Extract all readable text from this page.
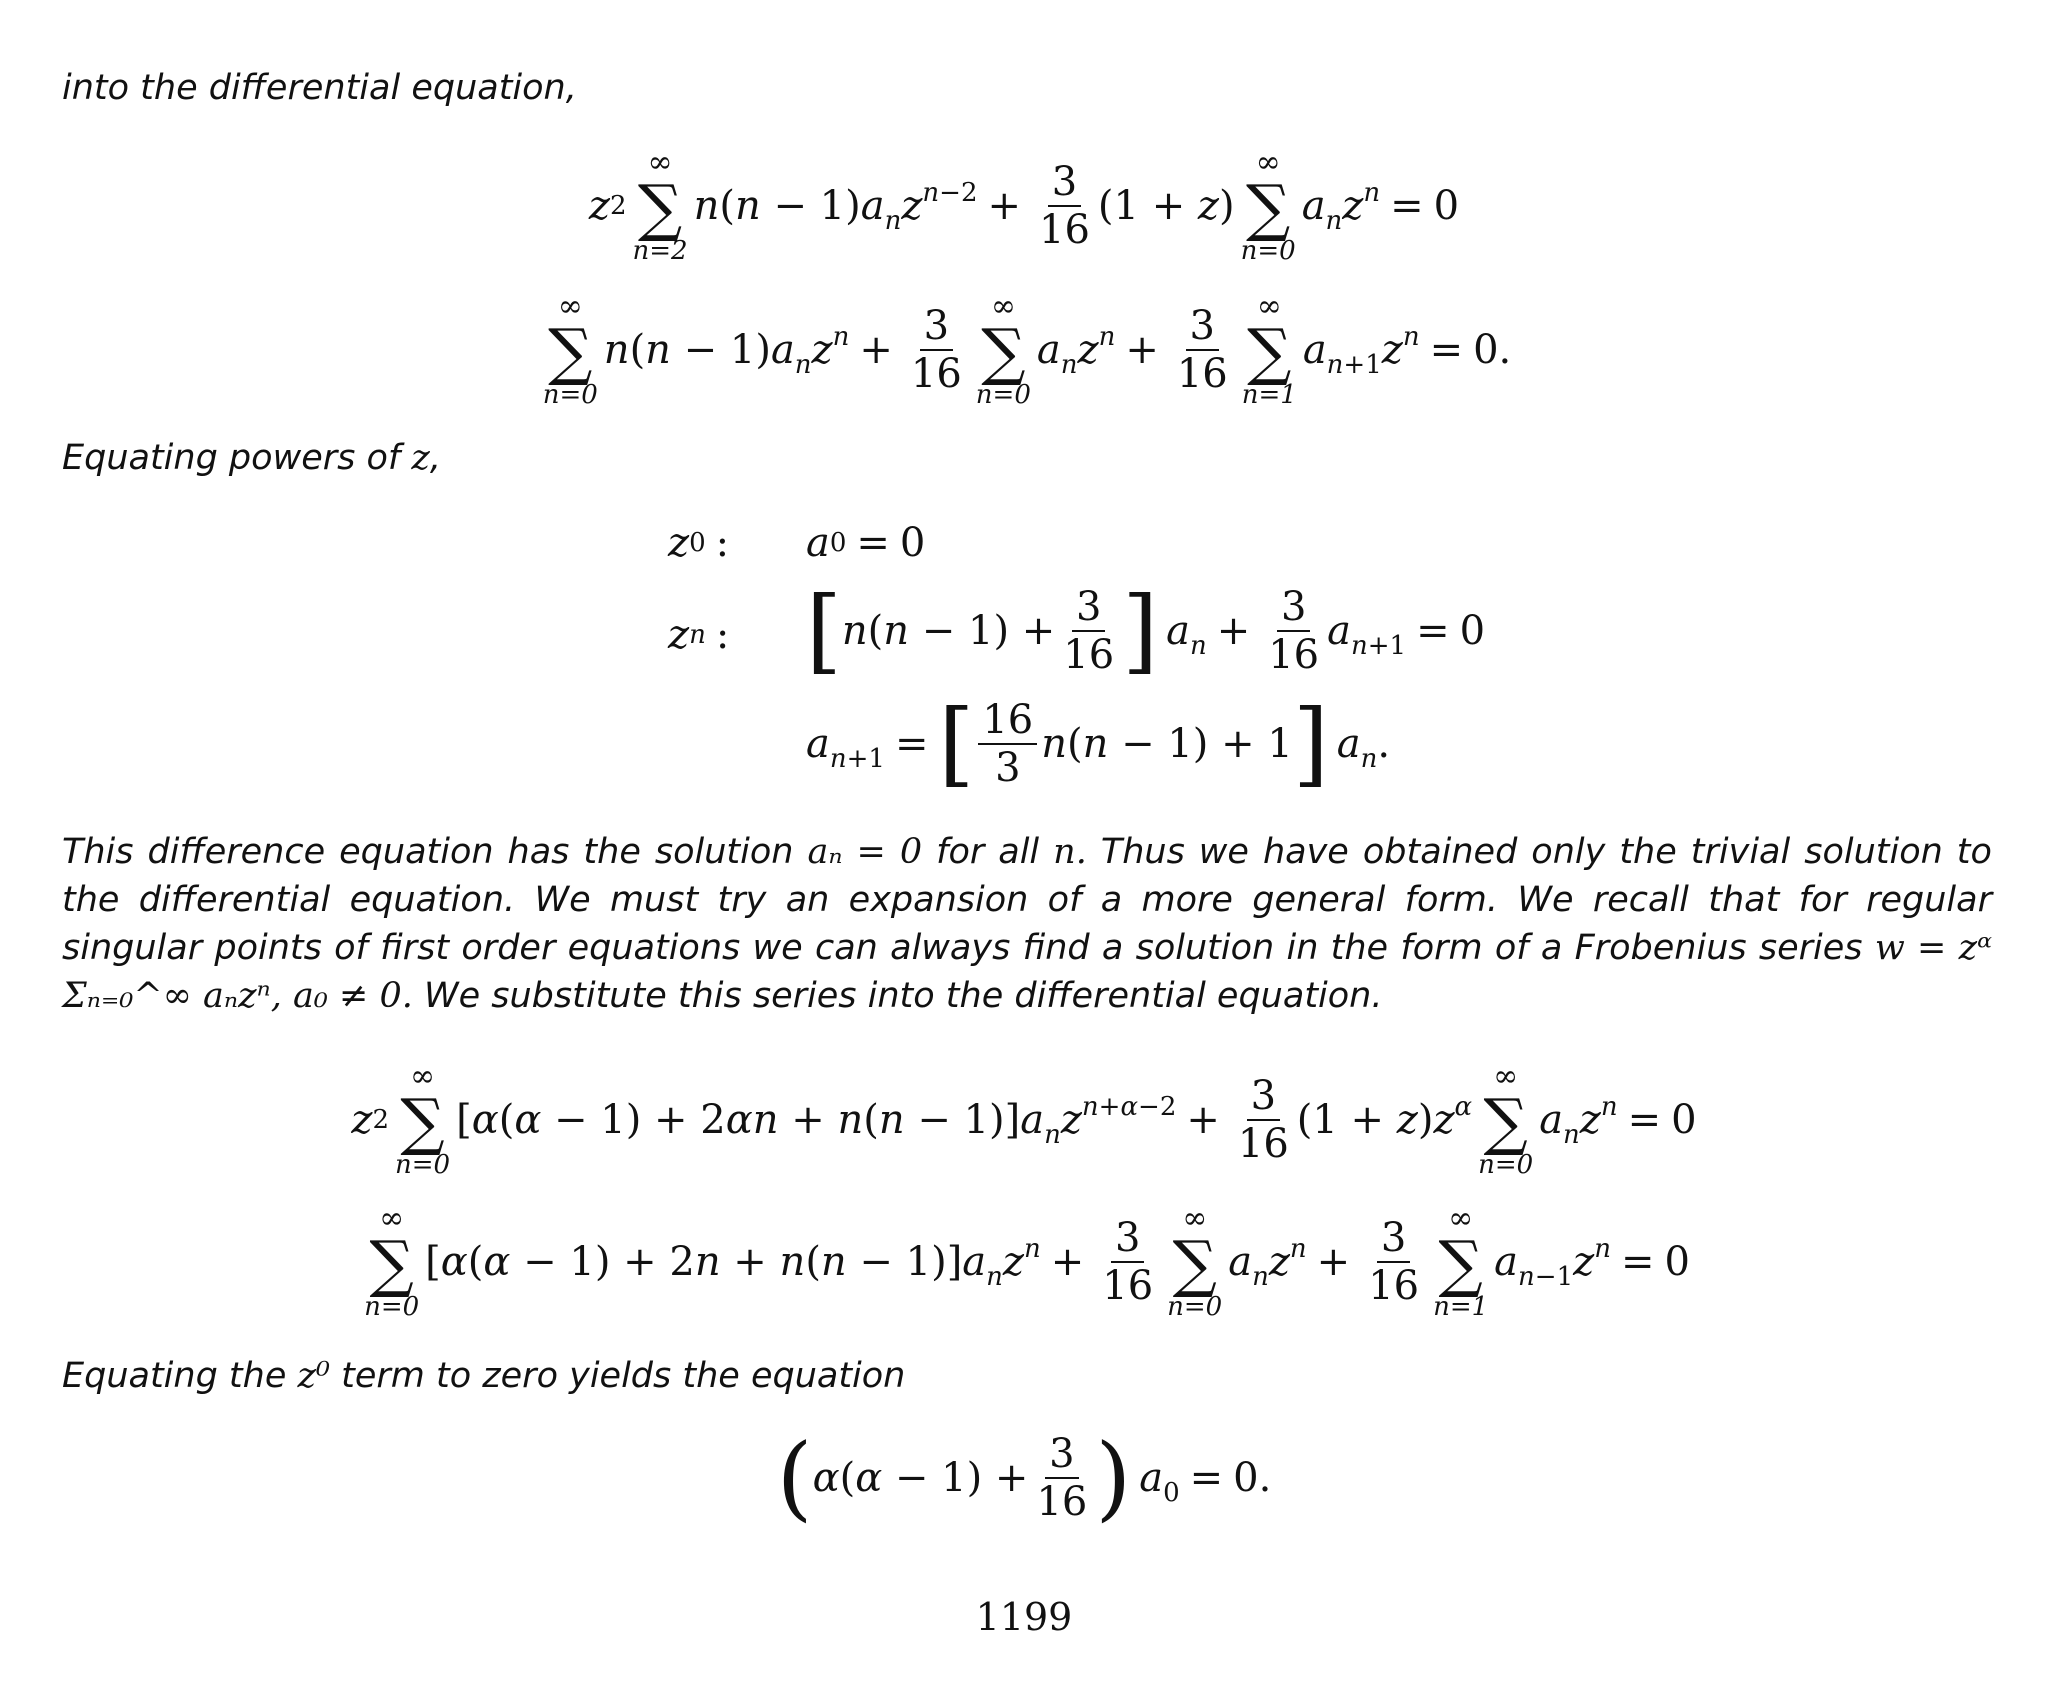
into the differential equation,
z 2
∞
∑
n=2
$n(n - 1)a_nz^{n-2} + \frac{3}{16} (1 + z)$
∞
∑
n=0
$a_nz^n = 0$
∞
∑
n=0
$n(n - 1)a_nz^n + \frac{3}{16}$ ∞
∑
n=0
$a_nz^n + \frac{3}{16}$ ∞
∑
n=1
$a_{n+1}z^n = 0$.
Equating powers of z,
z 0 : a 0 = 0
z n : [ $n(n - 1) + \frac{3}{16}$ ] $a_n + \frac{3}{16} a_{n+1} = 0$
$a_{n+1}$ = [ $\frac{16}{3} n(n - 1) + 1$ ] $a_n$.
This difference equation has the solution aₙ = 0 for all n. Thus we have obtained only the trivial solution to the differential equation. We must try an expansion of a more general form. We recall that for regular singular points of first order equations we can always find a solution in the form of a Frobenius series w = zᵅ Σₙ₌₀^∞ aₙzⁿ, a₀ ≠ 0. We substitute this series into the differential equation.
z 2
∞
∑
n=0
$[\alpha(\alpha - 1) + 2\alpha n + n(n - 1)]a_nz^{n+\alpha-2} + \frac{3}{16} (1 + z)z^\alpha$
∞
∑
n=0
$a_nz^n = 0$
∞
∑
n=0
$[\alpha(\alpha - 1) + 2n + n(n - 1)]a_nz^n + \frac{3}{16}$ ∞
∑
n=0
$a_nz^n + \frac{3}{16}$ ∞
∑
n=1
$a_{n-1}z^n = 0$
Equating the z⁰ term to zero yields the equation
( $\alpha(\alpha - 1) + \frac{3}{16}$ ) $a_0 = 0$.
1199
